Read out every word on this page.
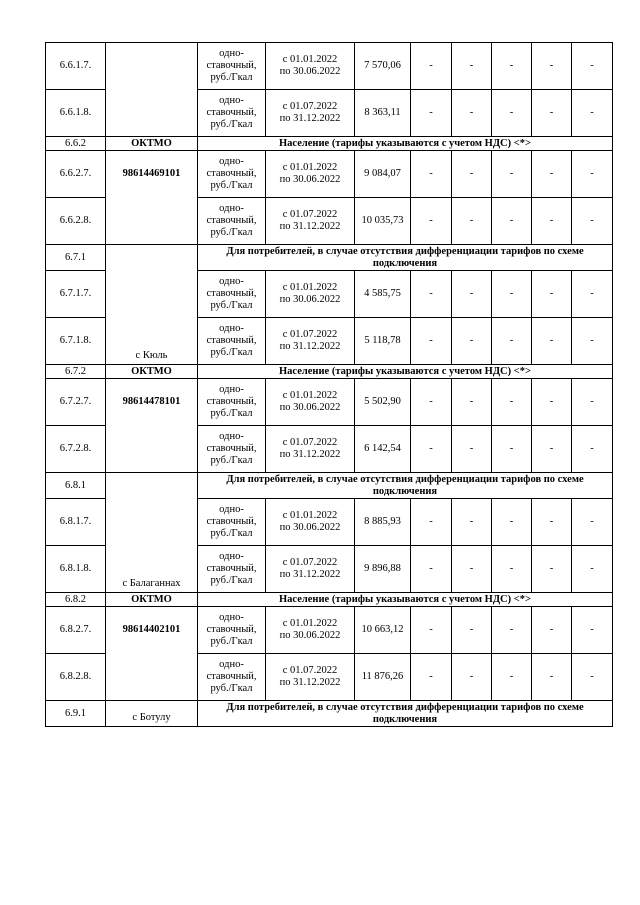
6.6.1.7.		одно-
ставочный,
руб./Гкал	с 01.01.2022
по 30.06.2022	7 570,06	-	-	-	-	-
6.6.1.8.		одно-
ставочный,
руб./Гкал	с 01.07.2022
по 31.12.2022	8 363,11	-	-	-	-	-
6.6.2	ОКТМО	Население (тарифы указываются с учетом НДС) <*>							
6.6.2.7.	98614469101	одно-
ставочный,
руб./Гкал	с 01.01.2022
по 30.06.2022	9 084,07	-	-	-	-	-
6.6.2.8.		одно-
ставочный,
руб./Гкал	с 01.07.2022
по 31.12.2022	10 035,73	-	-	-	-	-
6.7.1	с Кюль	Для потребителей, в случае отсутствия дифференциации тарифов по схеме подключения							
6.7.1.7.		одно-
ставочный,
руб./Гкал	с 01.01.2022
по 30.06.2022	4 585,75	-	-	-	-	-
6.7.1.8.		одно-
ставочный,
руб./Гкал	с 01.07.2022
по 31.12.2022	5 118,78	-	-	-	-	-
6.7.2	ОКТМО	Население (тарифы указываются с учетом НДС) <*>							
6.7.2.7.	98614478101	одно-
ставочный,
руб./Гкал	с 01.01.2022
по 30.06.2022	5 502,90	-	-	-	-	-
6.7.2.8.		одно-
ставочный,
руб./Гкал	с 01.07.2022
по 31.12.2022	6 142,54	-	-	-	-	-
6.8.1	с Балаганнах	Для потребителей, в случае отсутствия дифференциации тарифов по схеме подключения							
6.8.1.7.		одно-
ставочный,
руб./Гкал	с 01.01.2022
по 30.06.2022	8 885,93	-	-	-	-	-
6.8.1.8.		одно-
ставочный,
руб./Гкал	с 01.07.2022
по 31.12.2022	9 896,88	-	-	-	-	-
6.8.2	ОКТМО	Население (тарифы указываются с учетом НДС) <*>							
6.8.2.7.	98614402101	одно-
ставочный,
руб./Гкал	с 01.01.2022
по 30.06.2022	10 663,12	-	-	-	-	-
6.8.2.8.		одно-
ставочный,
руб./Гкал	с 01.07.2022
по 31.12.2022	11 876,26	-	-	-	-	-
6.9.1	с Ботулу	Для потребителей, в случае отсутствия дифференциации тарифов по схеме подключения							
